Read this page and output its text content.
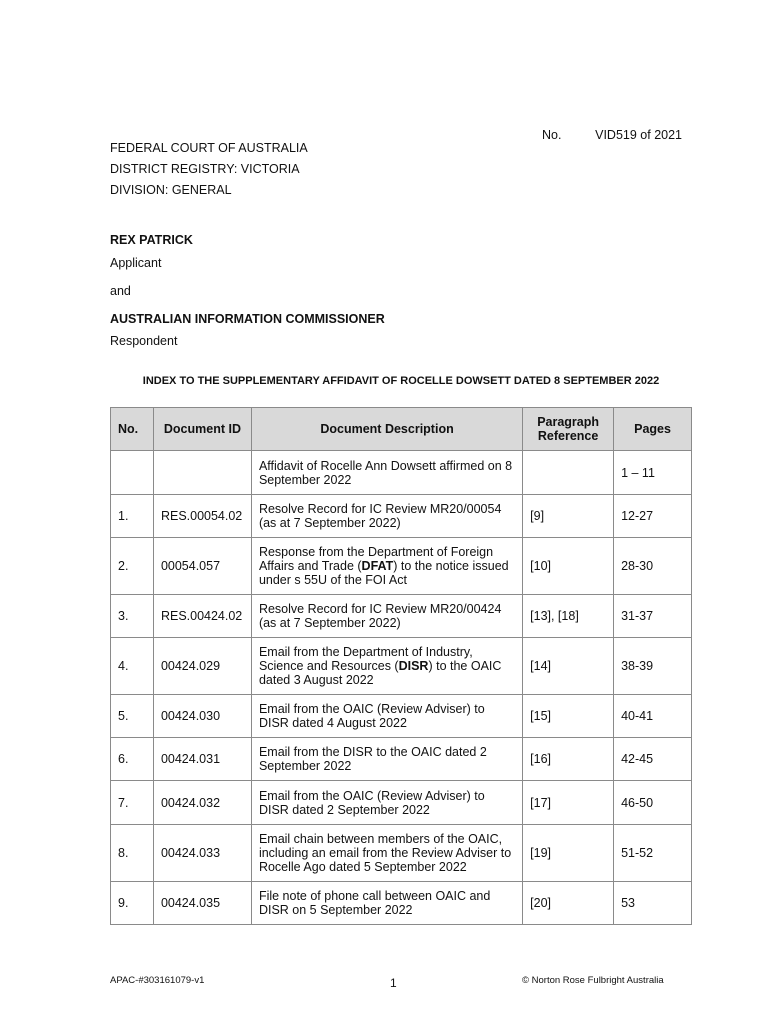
No.	VID519 of 2021
FEDERAL COURT OF AUSTRALIA
DISTRICT REGISTRY: VICTORIA
DIVISION: GENERAL
REX PATRICK
Applicant
and
AUSTRALIAN INFORMATION COMMISSIONER
Respondent
INDEX TO THE SUPPLEMENTARY AFFIDAVIT OF ROCELLE DOWSETT DATED 8 SEPTEMBER 2022
No.	Document ID	Document Description	Paragraph Reference	Pages
		Affidavit of Rocelle Ann Dowsett affirmed on 8 September 2022		1 – 11
1.	RES.00054.02	Resolve Record for IC Review MR20/00054 (as at 7 September 2022)	[9]	12-27
2.	00054.057	Response from the Department of Foreign Affairs and Trade (DFAT) to the notice issued under s 55U of the FOI Act	[10]	28-30
3.	RES.00424.02	Resolve Record for IC Review MR20/00424 (as at 7 September 2022)	[13], [18]	31-37
4.	00424.029	Email from the Department of Industry, Science and Resources (DISR) to the OAIC dated 3 August 2022	[14]	38-39
5.	00424.030	Email from the OAIC (Review Adviser) to DISR dated 4 August 2022	[15]	40-41
6.	00424.031	Email from the DISR to the OAIC dated 2 September 2022	[16]	42-45
7.	00424.032	Email from the OAIC (Review Adviser) to DISR dated 2 September 2022	[17]	46-50
8.	00424.033	Email chain between members of the OAIC, including an email from the Review Adviser to Rocelle Ago dated 5 September 2022	[19]	51-52
9.	00424.035	File note of phone call between OAIC and DISR on 5 September 2022	[20]	53
APAC-#303161079-v1	1	© Norton Rose Fulbright Australia
